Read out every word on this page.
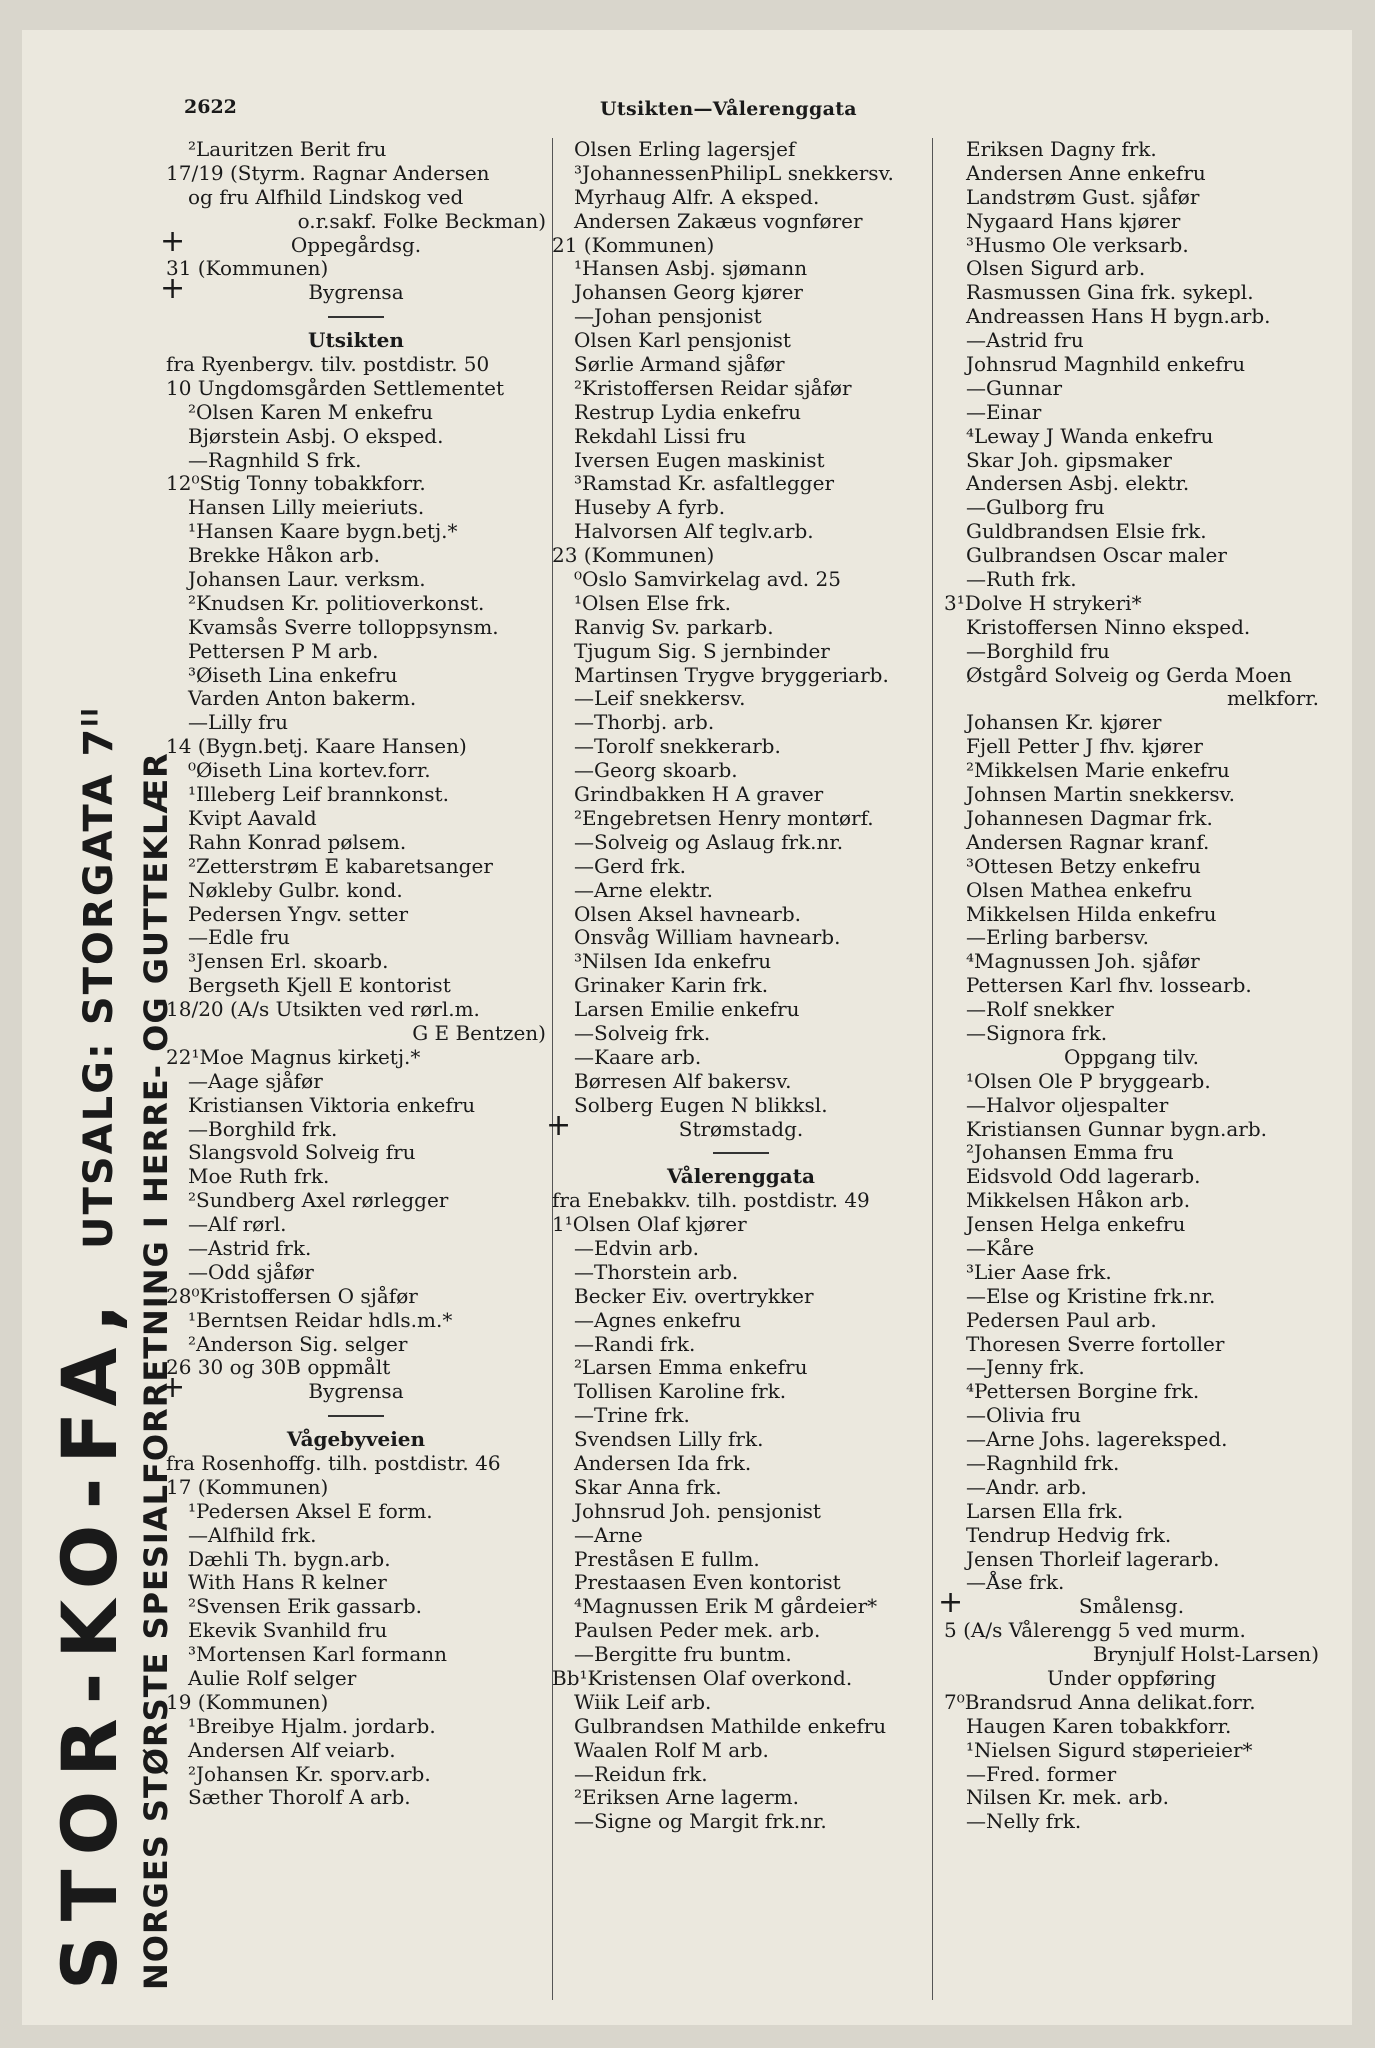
2622	Utsikten—Vålerenggata
STOR-KO-FA, UTSALG: STORGATA $7^{II}$
NORGES STØRSTE SPESIALFORRETNING I HERRE- OG GUTTEKLÆR
²Lauritzen Berit fru
17/19 (Styrm. Ragnar Andersen
og fru Alfhild Lindskog ved
o.r.sakf. Folke Beckman)
+ Oppegårdsg.
31 (Kommunen)
+ Bygrensa
Utsikten
fra Ryenbergv. tilv. postdistr. 50
10 Ungdomsgården Settlementet
²Olsen Karen M enkefru
Bjørstein Asbj. O eksped.
—Ragnhild S frk.
12⁰Stig Tonny tobakkforr.
Hansen Lilly meieriuts.
¹Hansen Kaare bygn.betj.*
Brekke Håkon arb.
Johansen Laur. verksm.
²Knudsen Kr. politioverkonst.
Kvamsås Sverre tolloppsynsm.
Pettersen P M arb.
³Øiseth Lina enkefru
Varden Anton bakerm.
—Lilly fru
14 (Bygn.betj. Kaare Hansen)
⁰Øiseth Lina kortev.forr.
¹Illeberg Leif brannkonst.
Kvipt Aavald
Rahn Konrad pølsem.
²Zetterstrøm E kabaretsanger
Nøkleby Gulbr. kond.
Pedersen Yngv. setter
—Edle fru
³Jensen Erl. skoarb.
Bergseth Kjell E kontorist
18/20 (A/s Utsikten ved rørl.m.
G E Bentzen)
22¹Moe Magnus kirketj.*
—Aage sjåfør
Kristiansen Viktoria enkefru
—Borghild frk.
Slangsvold Solveig fru
Moe Ruth frk.
²Sundberg Axel rørlegger
—Alf rørl.
—Astrid frk.
—Odd sjåfør
28⁰Kristoffersen O sjåfør
¹Berntsen Reidar hdls.m.*
²Anderson Sig. selger
26 30 og 30B oppmålt
+ Bygrensa
Vågebyveien
fra Rosenhoffg. tilh. postdistr. 46
17 (Kommunen)
¹Pedersen Aksel E form.
—Alfhild frk.
Dæhli Th. bygn.arb.
With Hans R kelner
²Svensen Erik gassarb.
Ekevik Svanhild fru
³Mortensen Karl formann
Aulie Rolf selger
19 (Kommunen)
¹Breibye Hjalm. jordarb.
Andersen Alf veiarb.
²Johansen Kr. sporv.arb.
Sæther Thorolf A arb.
Olsen Erling lagersjef
³JohannessenPhilipL snekkersv.
Myrhaug Alfr. A eksped.
Andersen Zakæus vognfører
21 (Kommunen)
¹Hansen Asbj. sjømann
Johansen Georg kjører
—Johan pensjonist
Olsen Karl pensjonist
Sørlie Armand sjåfør
²Kristoffersen Reidar sjåfør
Restrup Lydia enkefru
Rekdahl Lissi fru
Iversen Eugen maskinist
³Ramstad Kr. asfaltlegger
Huseby A fyrb.
Halvorsen Alf teglv.arb.
23 (Kommunen)
⁰Oslo Samvirkelag avd. 25
¹Olsen Else frk.
Ranvig Sv. parkarb.
Tjugum Sig. S jernbinder
Martinsen Trygve bryggeriarb.
—Leif snekkersv.
—Thorbj. arb.
—Torolf snekkerarb.
—Georg skoarb.
Grindbakken H A graver
²Engebretsen Henry montørf.
—Solveig og Aslaug frk.nr.
—Gerd frk.
—Arne elektr.
Olsen Aksel havnearb.
Onsvåg William havnearb.
³Nilsen Ida enkefru
Grinaker Karin frk.
Larsen Emilie enkefru
—Solveig frk.
—Kaare arb.
Børresen Alf bakersv.
Solberg Eugen N blikksl.
+ Strømstadg.
Vålerenggata
fra Enebakkv. tilh. postdistr. 49
1¹Olsen Olaf kjører
—Edvin arb.
—Thorstein arb.
Becker Eiv. overtrykker
—Agnes enkefru
—Randi frk.
²Larsen Emma enkefru
Tollisen Karoline frk.
—Trine frk.
Svendsen Lilly frk.
Andersen Ida frk.
Skar Anna frk.
Johnsrud Joh. pensjonist
—Arne
Preståsen E fullm.
Prestaasen Even kontorist
⁴Magnussen Erik M gårdeier*
Paulsen Peder mek. arb.
—Bergitte fru buntm.
Bb¹Kristensen Olaf overkond.
Wiik Leif arb.
Gulbrandsen Mathilde enkefru
Waalen Rolf M arb.
—Reidun frk.
²Eriksen Arne lagerm.
—Signe og Margit frk.nr.
Eriksen Dagny frk.
Andersen Anne enkefru
Landstrøm Gust. sjåfør
Nygaard Hans kjører
³Husmo Ole verksarb.
Olsen Sigurd arb.
Rasmussen Gina frk. sykepl.
Andreassen Hans H bygn.arb.
—Astrid fru
Johnsrud Magnhild enkefru
—Gunnar
—Einar
⁴Leway J Wanda enkefru
Skar Joh. gipsmaker
Andersen Asbj. elektr.
—Gulborg fru
Guldbrandsen Elsie frk.
Gulbrandsen Oscar maler
—Ruth frk.
3¹Dolve H strykeri*
Kristoffersen Ninno eksped.
—Borghild fru
Østgård Solveig og Gerda Moen
melkforr.
Johansen Kr. kjører
Fjell Petter J fhv. kjører
²Mikkelsen Marie enkefru
Johnsen Martin snekkersv.
Johannesen Dagmar frk.
Andersen Ragnar kranf.
³Ottesen Betzy enkefru
Olsen Mathea enkefru
Mikkelsen Hilda enkefru
—Erling barbersv.
⁴Magnussen Joh. sjåfør
Pettersen Karl fhv. lossearb.
—Rolf snekker
—Signora frk.
Oppgang tilv.
¹Olsen Ole P bryggearb.
—Halvor oljespalter
Kristiansen Gunnar bygn.arb.
²Johansen Emma fru
Eidsvold Odd lagerarb.
Mikkelsen Håkon arb.
Jensen Helga enkefru
—Kåre
³Lier Aase frk.
—Else og Kristine frk.nr.
Pedersen Paul arb.
Thoresen Sverre fortoller
—Jenny frk.
⁴Pettersen Borgine frk.
—Olivia fru
—Arne Johs. lagereksped.
—Ragnhild frk.
—Andr. arb.
Larsen Ella frk.
Tendrup Hedvig frk.
Jensen Thorleif lagerarb.
—Åse frk.
+ Smålensg.
5 (A/s Vålerengg 5 ved murm.
Brynjulf Holst-Larsen)
Under oppføring
7⁰Brandsrud Anna delikat.forr.
Haugen Karen tobakkforr.
¹Nielsen Sigurd støperieier*
—Fred. former
Nilsen Kr. mek. arb.
—Nelly frk.
